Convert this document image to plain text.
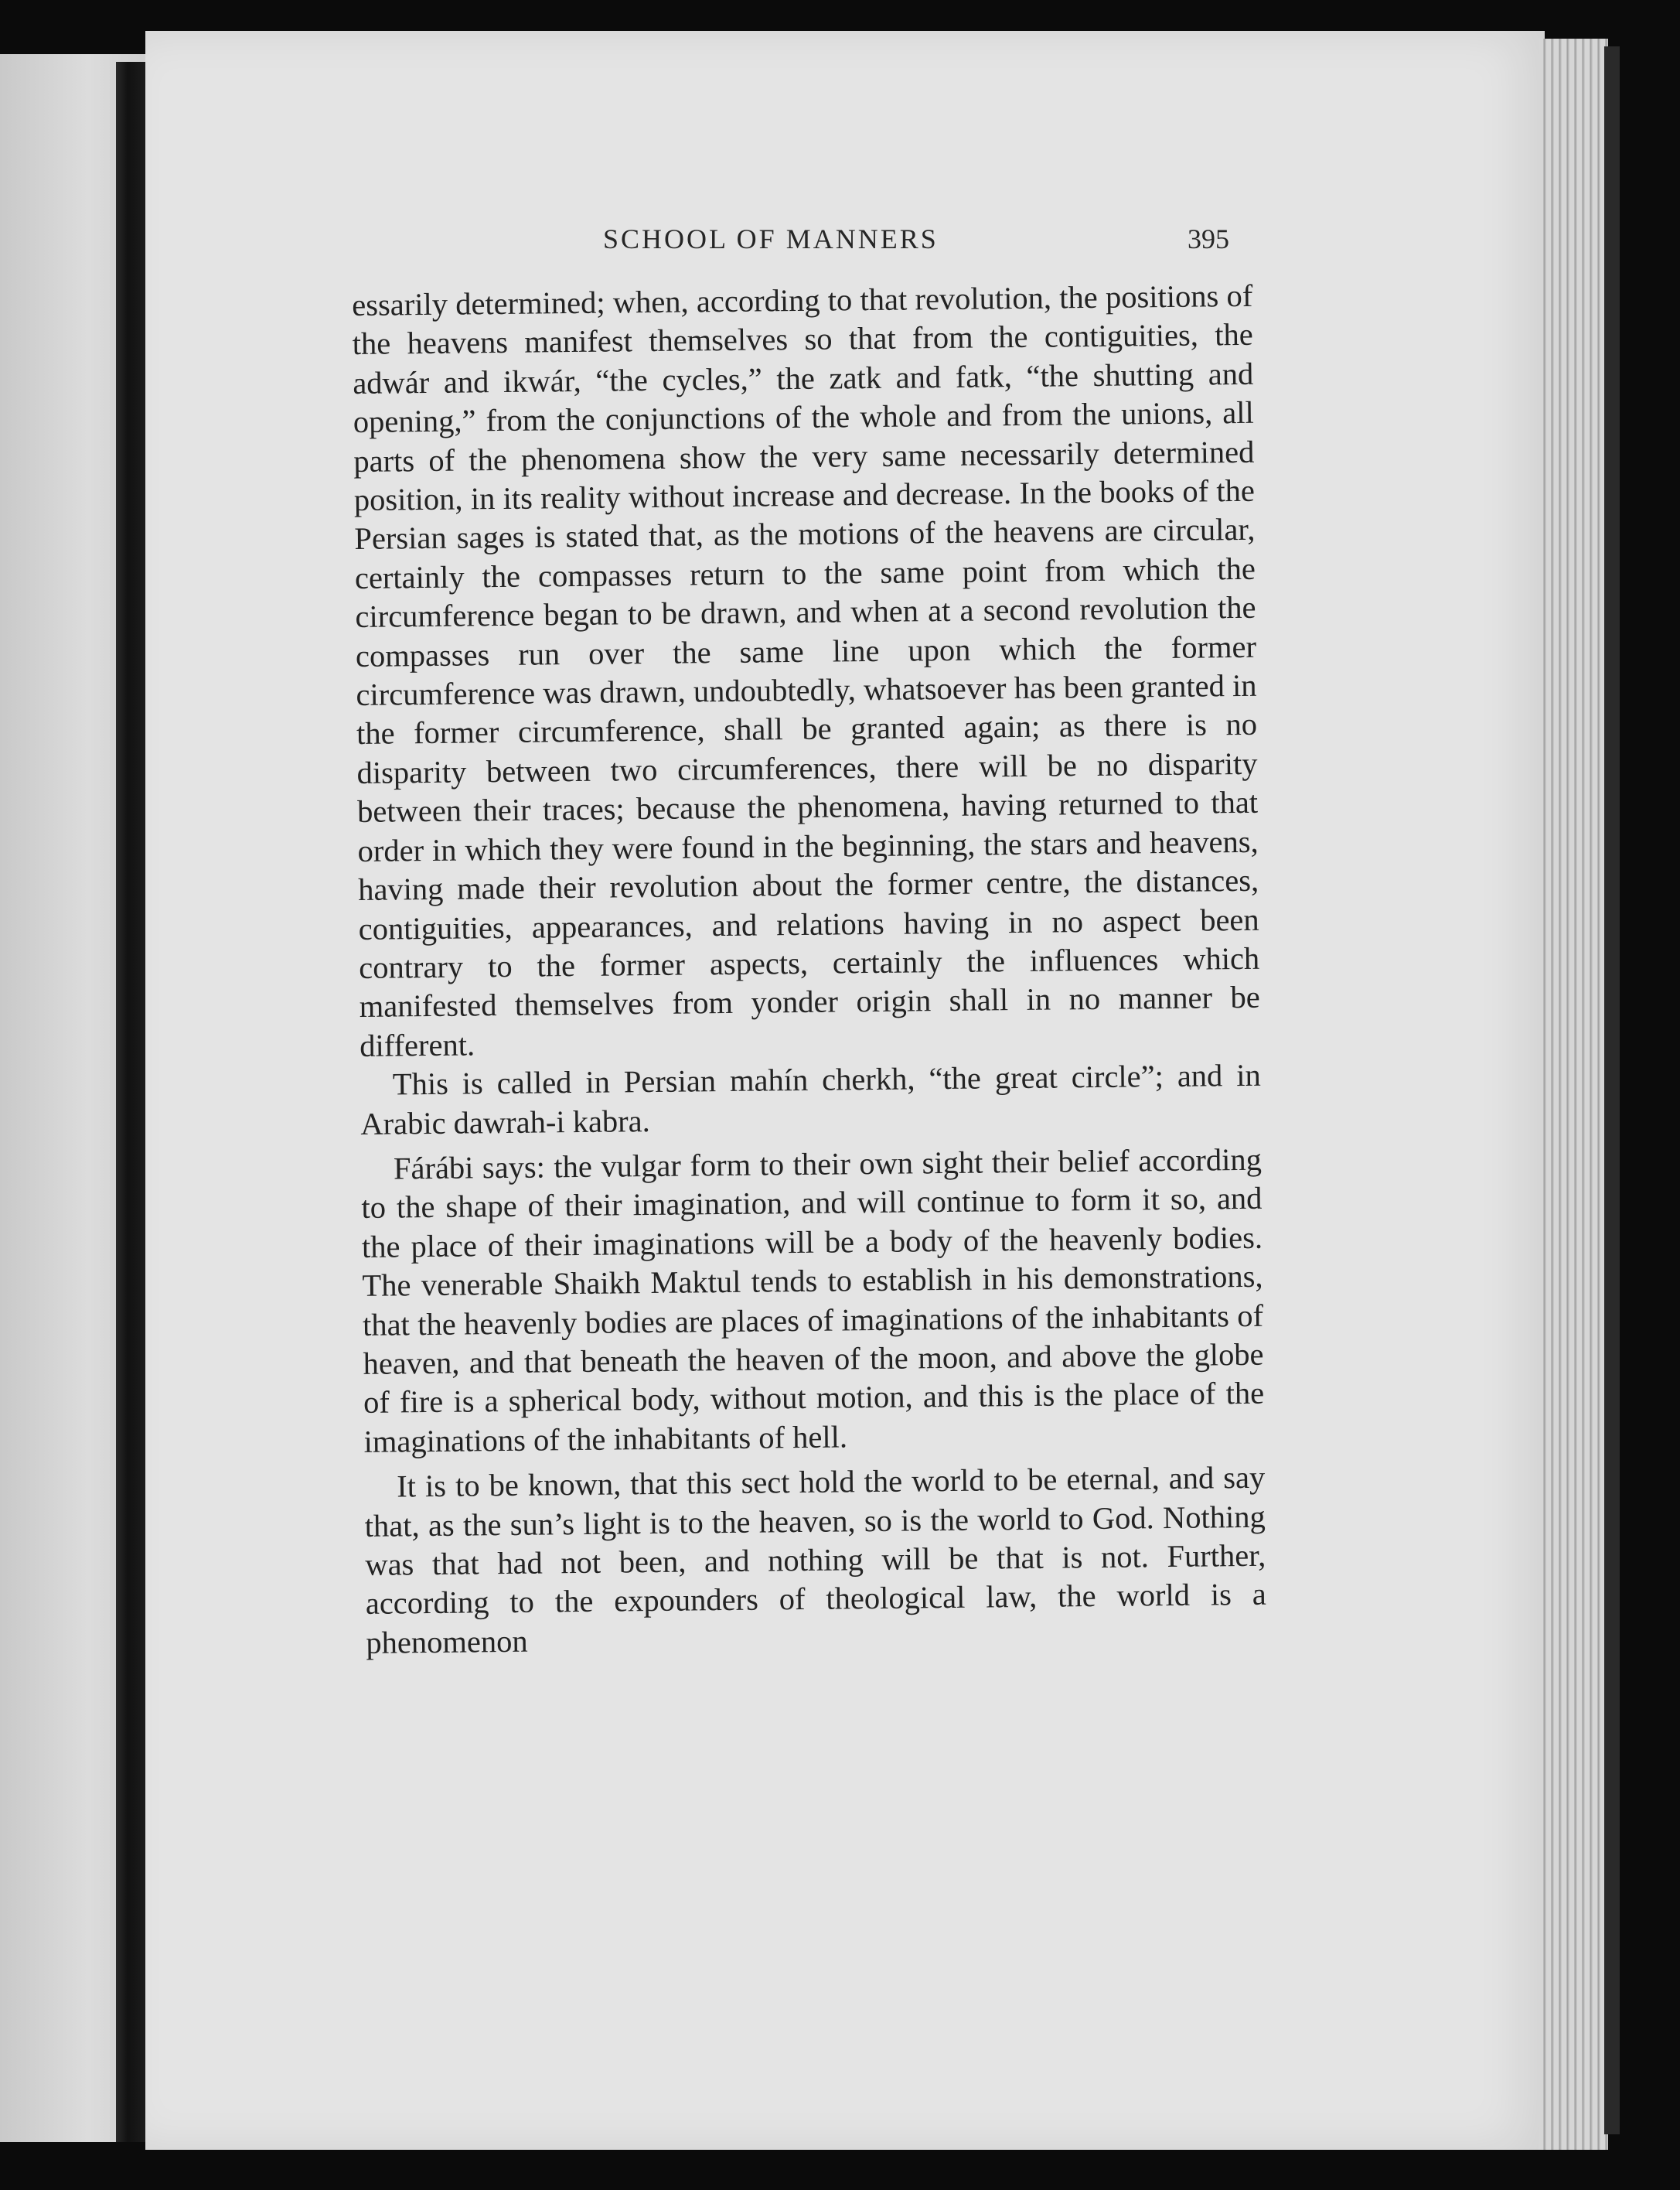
SCHOOL OF MANNERS	395

essarily determined; when, according to that revolution, the positions of the heavens manifest themselves so that from the contiguities, the adwár and ikwár, “the cycles,” the zatk and fatk, “the shutting and opening,” from the conjunctions of the whole and from the unions, all parts of the phenomena show the very same necessarily determined position, in its reality without increase and decrease. In the books of the Persian sages is stated that, as the motions of the heavens are circular, certainly the compasses return to the same point from which the circumference began to be drawn, and when at a second revolution the compasses run over the same line upon which the former circumference was drawn, undoubtedly, whatsoever has been granted in the former circumference, shall be granted again; as there is no disparity between two circumferences, there will be no disparity between their traces; because the phenomena, having returned to that order in which they were found in the beginning, the stars and heavens, having made their revolution about the former centre, the distances, contiguities, appearances, and relations having in no aspect been contrary to the former aspects, certainly the influences which manifested themselves from yonder origin shall in no manner be different.

This is called in Persian mahín cherkh, “the great circle”; and in Arabic dawrah-i kabra.

Fárábi says: the vulgar form to their own sight their belief according to the shape of their imagination, and will continue to form it so, and the place of their imaginations will be a body of the heavenly bodies. The venerable Shaikh Maktul tends to establish in his demonstrations, that the heavenly bodies are places of imaginations of the inhabitants of heaven, and that beneath the heaven of the moon, and above the globe of fire is a spherical body, without motion, and this is the place of the imaginations of the inhabitants of hell.

It is to be known, that this sect hold the world to be eternal, and say that, as the sun’s light is to the heaven, so is the world to God. Nothing was that had not been, and nothing will be that is not. Further, according to the expounders of theological law, the world is a phenomenon
